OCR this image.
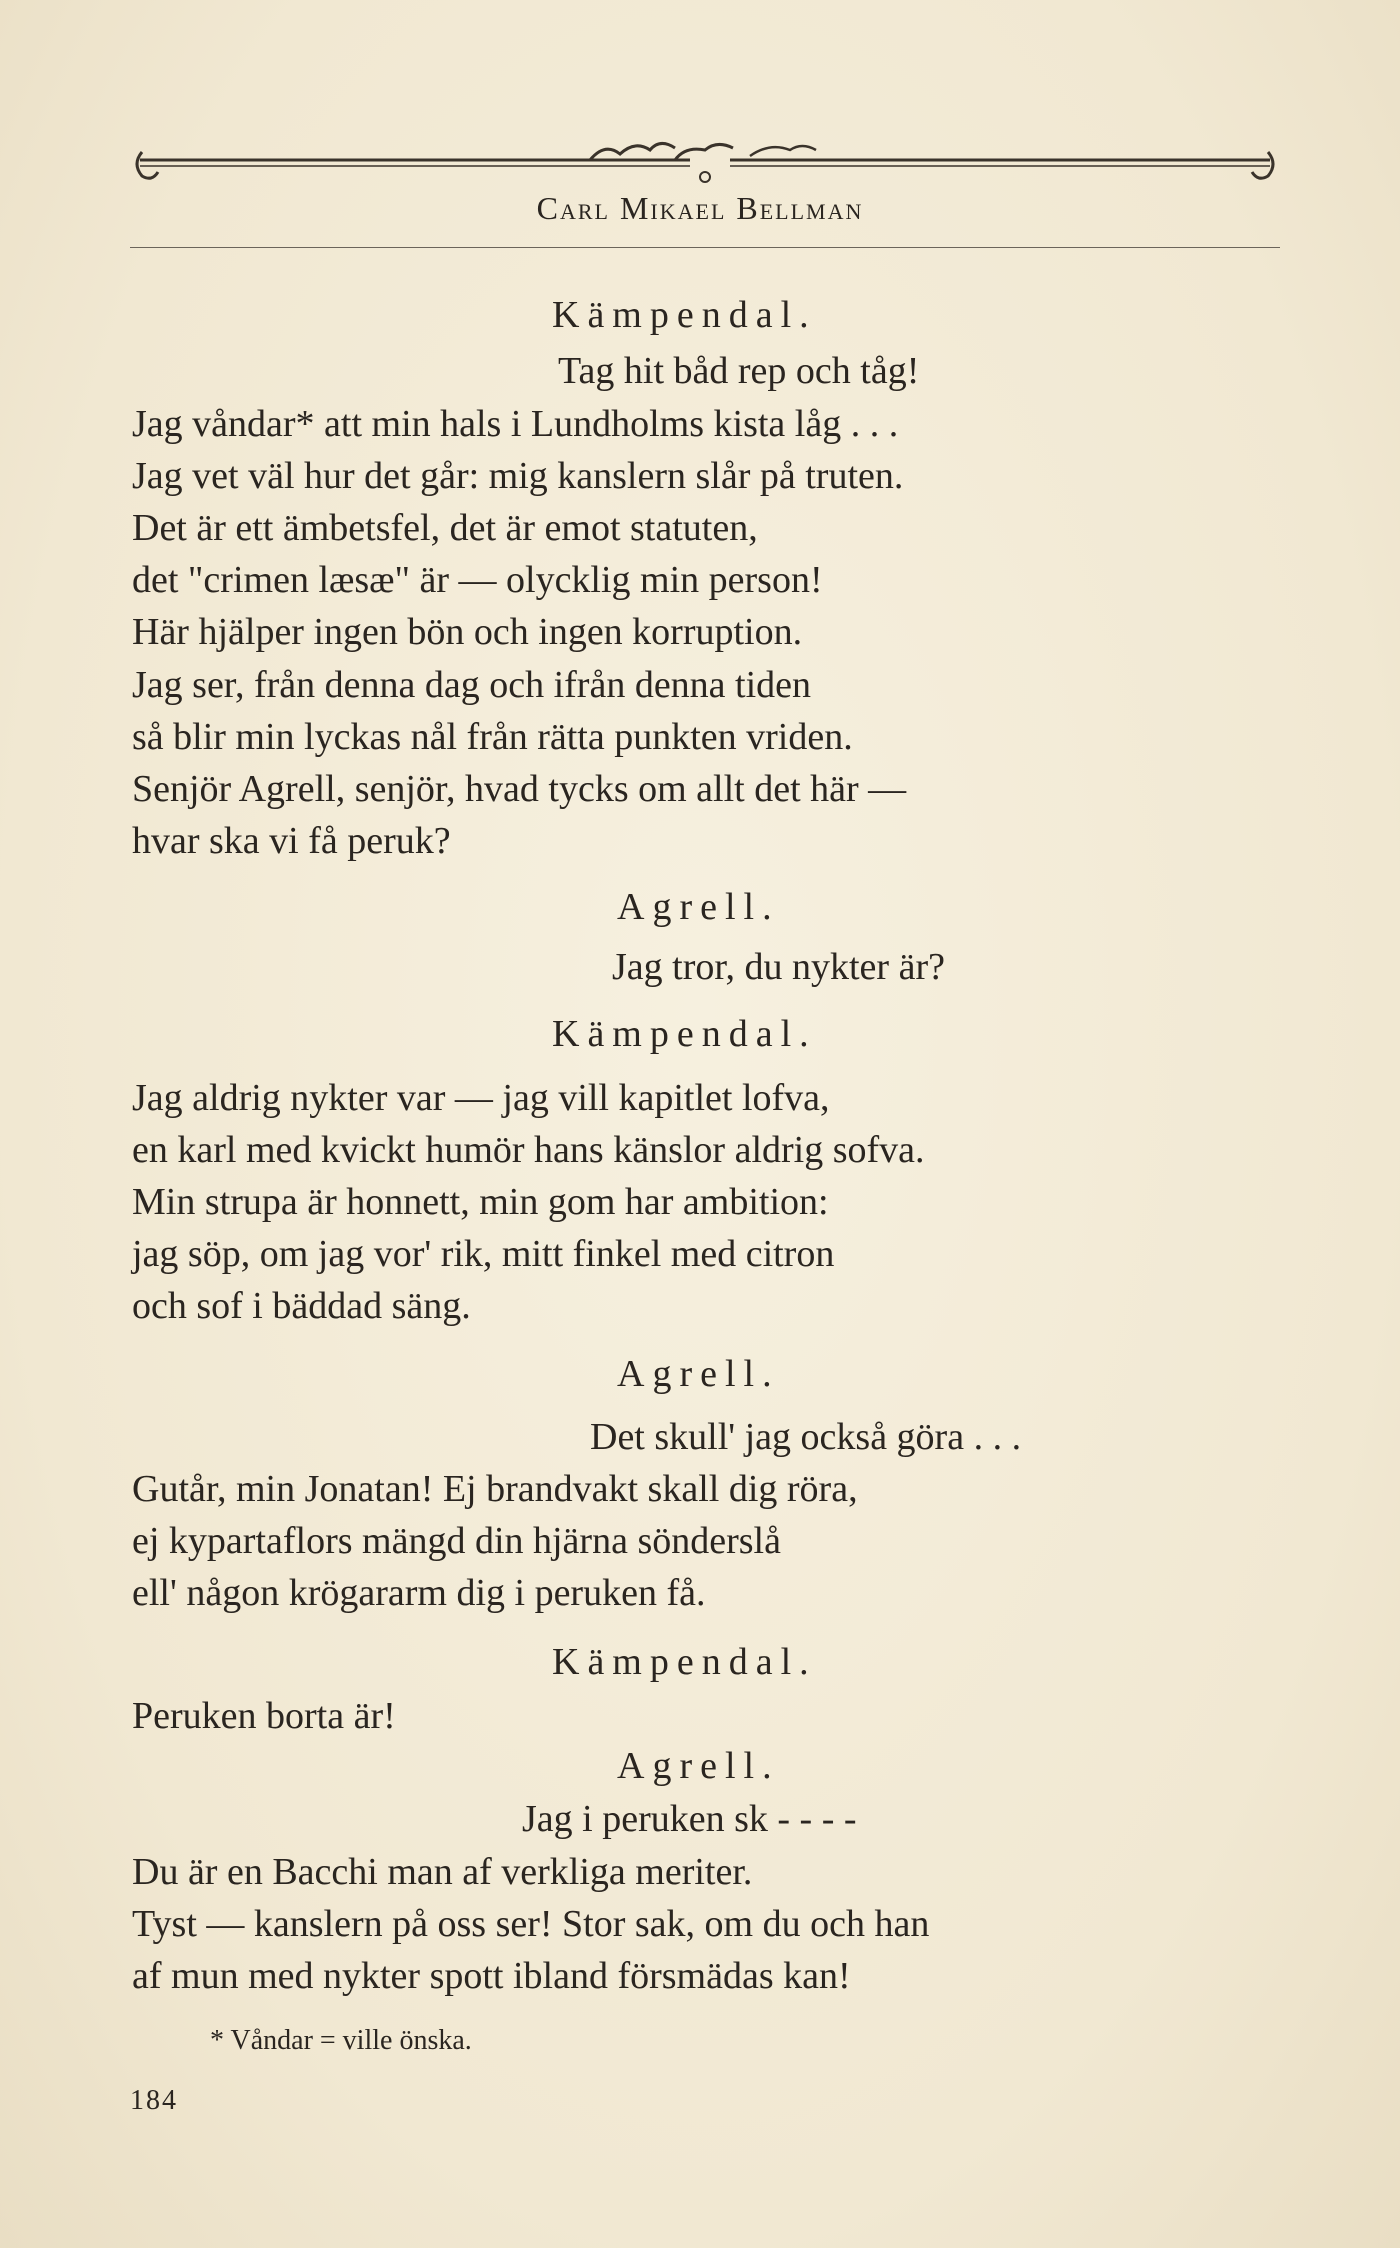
Carl Mikael Bellman
Kämpendal.
Tag hit båd rep och tåg!
Jag våndar* att min hals i Lundholms kista låg . . .
Jag vet väl hur det går: mig kanslern slår på truten.
Det är ett ämbetsfel, det är emot statuten,
det "crimen læsæ" är — olycklig min person!
Här hjälper ingen bön och ingen korruption.
Jag ser, från denna dag och ifrån denna tiden
så blir min lyckas nål från rätta punkten vriden.
Senjör Agrell, senjör, hvad tycks om allt det här —
hvar ska vi få peruk?
Agrell.
Jag tror, du nykter är?
Kämpendal.
Jag aldrig nykter var — jag vill kapitlet lofva,
en karl med kvickt humör hans känslor aldrig sofva.
Min strupa är honnett, min gom har ambition:
jag söp, om jag vor' rik, mitt finkel med citron
och sof i bäddad säng.
Agrell.
Det skull' jag också göra . . .
Gutår, min Jonatan! Ej brandvakt skall dig röra,
ej kypartaflors mängd din hjärna sönderslå
ell' någon krögararm dig i peruken få.
Kämpendal.
Peruken borta är!
Agrell.
Jag i peruken sk - - - -
Du är en Bacchi man af verkliga meriter.
Tyst — kanslern på oss ser! Stor sak, om du och han
af mun med nykter spott ibland försmädas kan!
* Våndar = ville önska.
184
